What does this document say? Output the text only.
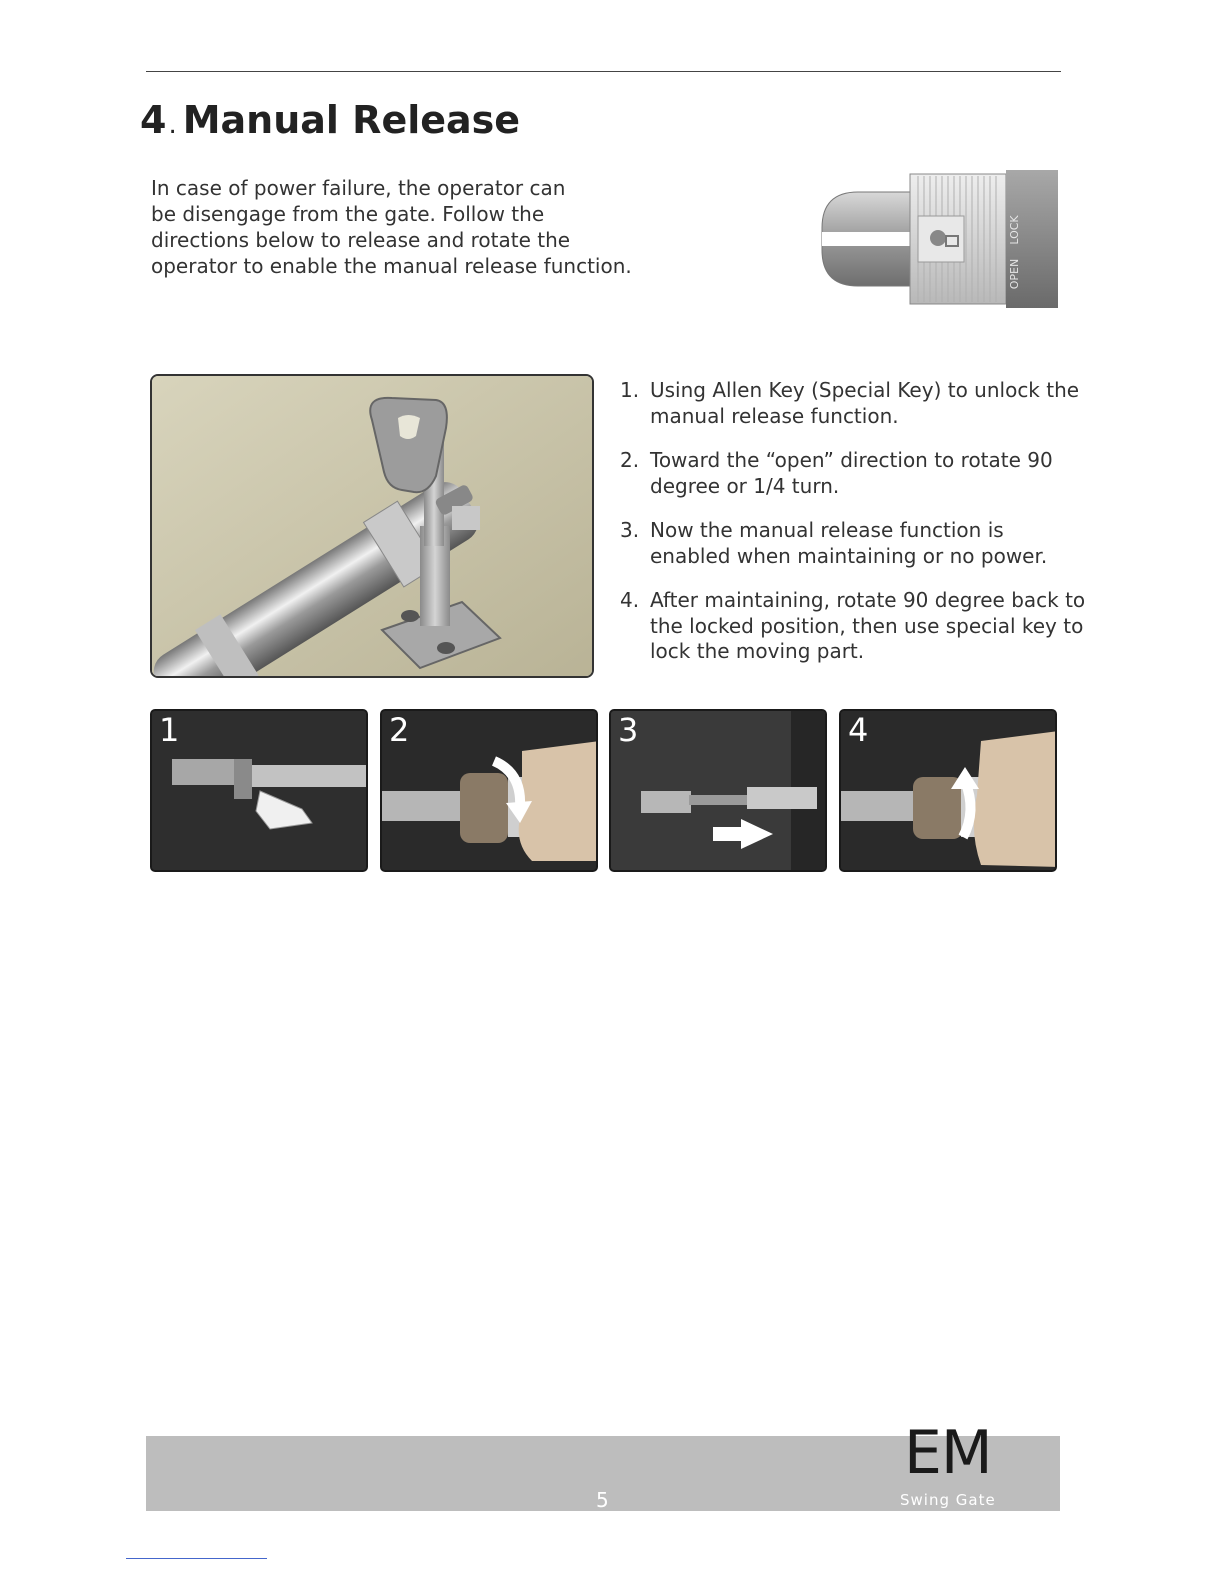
4. Manual Release

In case of power failure, the operator can
be disengage from the gate. Follow the
directions below to release and rotate the
operator to enable the manual release function.

LOCK
OPEN
1. Using Allen Key (Special Key) to unlock the manual release function.
2. Toward the “open” direction to rotate 90 degree or 1/4 turn.
3. Now the manual release function is enabled when maintaining or no power.
4. After maintaining, rotate 90 degree back to the locked position, then use special key to lock the moving part.
1	2	3	4
EM
5	Swing Gate Opener
